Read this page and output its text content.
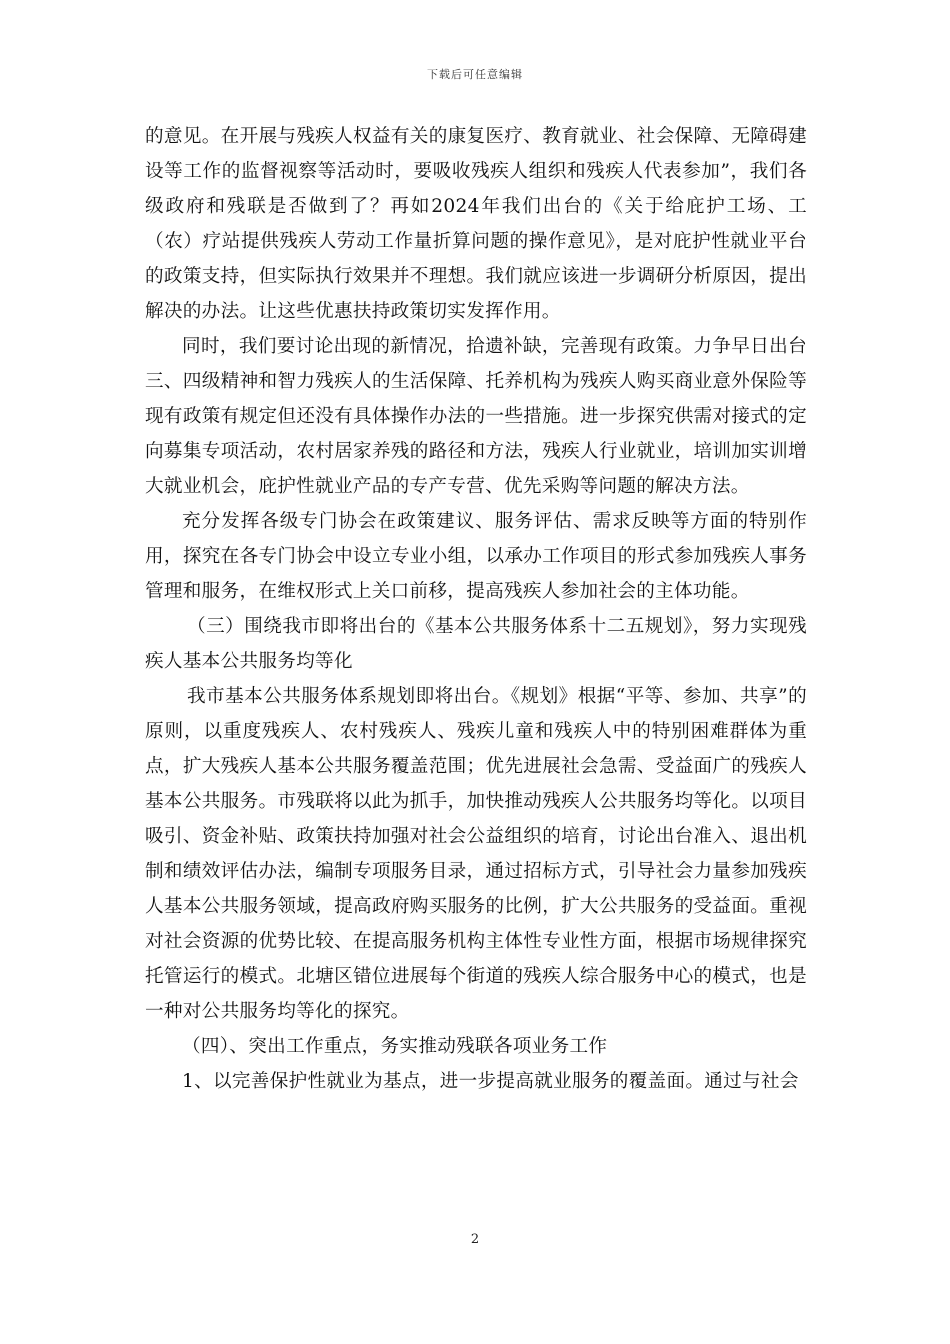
下载后可任意编辑

的意见。在开展与残疾人权益有关的康复医疗、教育就业、社会保障、无障碍建设等工作的监督视察等活动时，要吸收残疾人组织和残疾人代表参加”，我们各级政府和残联是否做到了？再如2024年我们出台的《关于给庇护工场、工（农）疗站提供残疾人劳动工作量折算问题的操作意见》，是对庇护性就业平台的政策支持，但实际执行效果并不理想。我们就应该进一步调研分析原因，提出解决的办法。让这些优惠扶持政策切实发挥作用。

同时，我们要讨论出现的新情况，拾遗补缺，完善现有政策。力争早日出台三、四级精神和智力残疾人的生活保障、托养机构为残疾人购买商业意外保险等现有政策有规定但还没有具体操作办法的一些措施。进一步探究供需对接式的定向募集专项活动，农村居家养残的路径和方法，残疾人行业就业，培训加实训增大就业机会，庇护性就业产品的专产专营、优先采购等问题的解决方法。

充分发挥各级专门协会在政策建议、服务评估、需求反映等方面的特别作用，探究在各专门协会中设立专业小组，以承办工作项目的形式参加残疾人事务管理和服务，在维权形式上关口前移，提高残疾人参加社会的主体功能。

（三）围绕我市即将出台的《基本公共服务体系十二五规划》，努力实现残疾人基本公共服务均等化

我市基本公共服务体系规划即将出台。《规划》根据“平等、参加、共享”的原则，以重度残疾人、农村残疾人、残疾儿童和残疾人中的特别困难群体为重点，扩大残疾人基本公共服务覆盖范围；优先进展社会急需、受益面广的残疾人基本公共服务。市残联将以此为抓手，加快推动残疾人公共服务均等化。以项目吸引、资金补贴、政策扶持加强对社会公益组织的培育，讨论出台准入、退出机制和绩效评估办法，编制专项服务目录，通过招标方式，引导社会力量参加残疾人基本公共服务领域，提高政府购买服务的比例，扩大公共服务的受益面。重视对社会资源的优势比较、在提高服务机构主体性专业性方面，根据市场规律探究托管运行的模式。北塘区错位进展每个街道的残疾人综合服务中心的模式，也是一种对公共服务均等化的探究。

（四）、突出工作重点，务实推动残联各项业务工作

1、以完善保护性就业为基点，进一步提高就业服务的覆盖面。通过与社会

2
